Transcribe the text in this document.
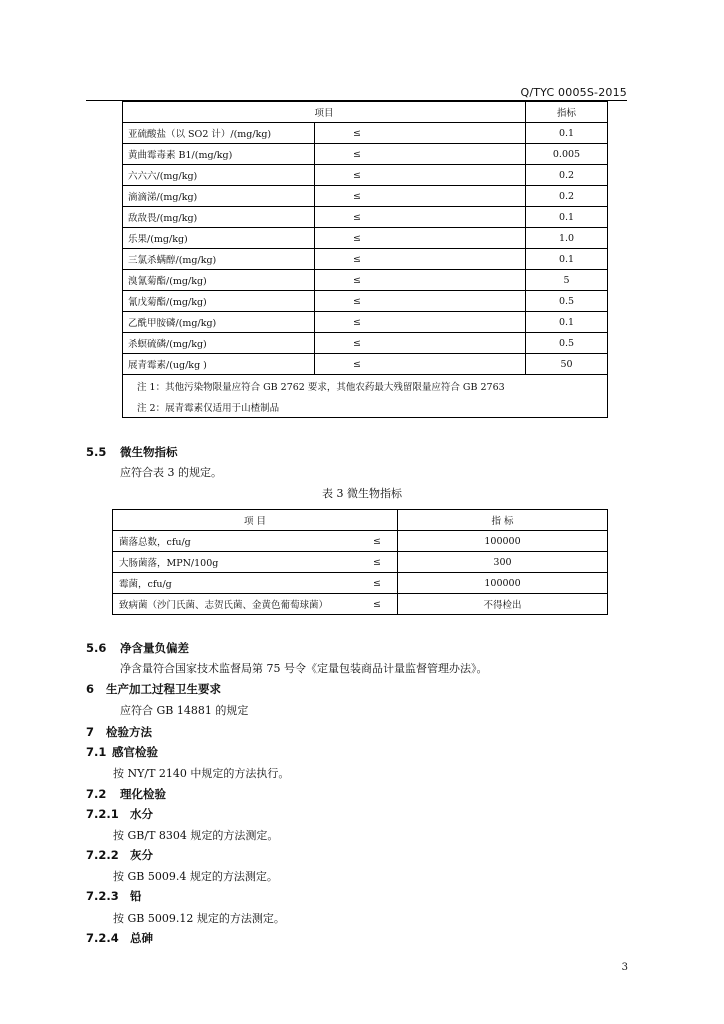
Q/TYC 0005S-2015
项目		指标
亚硫酸盐（以 SO2 计）/(mg/kg)	≤	0.1
黄曲霉毒素 B1/(mg/kg)	≤	0.005
六六六/(mg/kg)	≤	0.2
滴滴涕/(mg/kg)	≤	0.2
敌敌畏/(mg/kg)	≤	0.1
乐果/(mg/kg)	≤	1.0
三氯杀螨醇/(mg/kg)	≤	0.1
溴氰菊酯/(mg/kg)	≤	5
氰戊菊酯/(mg/kg)	≤	0.5
乙酰甲胺磷/(mg/kg)	≤	0.1
杀螟硫磷/(mg/kg)	≤	0.5
展青霉素/(ug/kg )	≤	50
注 1：其他污染物限量应符合 GB 2762 要求，其他农药最大残留限量应符合 GB 2763		
注 2：展青霉素仅适用于山楂制品		
5.5 微生物指标
应符合表 3 的规定。
表 3 微生物指标
项 目		指 标
菌落总数，cfu/g	≤	100000
大肠菌落，MPN/100g	≤	300
霉菌，cfu/g	≤	100000
致病菌（沙门氏菌、志贺氏菌、金黄色葡萄球菌）	≤	不得检出
5.6 净含量负偏差
净含量符合国家技术监督局第 75 号令《定量包装商品计量监督管理办法》。
6 生产加工过程卫生要求
应符合 GB 14881 的规定
7 检验方法
7.1 感官检验
按 NY/T 2140 中规定的方法执行。
7.2 理化检验
7.2.1 水分
按 GB/T 8304 规定的方法测定。
7.2.2 灰分
按 GB 5009.4 规定的方法测定。
7.2.3 铅
按 GB 5009.12 规定的方法测定。
7.2.4 总砷
3
